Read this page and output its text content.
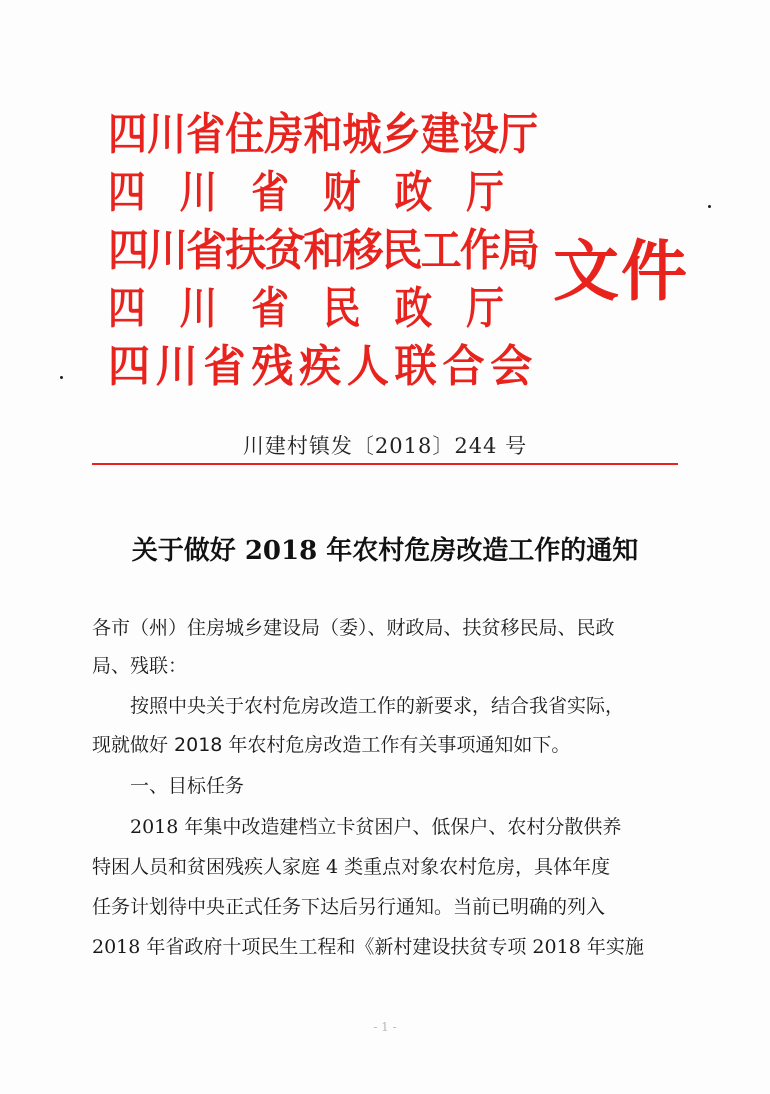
四川省住房和城乡建设厅
四川省财政厅
四川省扶贫和移民工作局
四川省民政厅
四川省残疾人联合会
文件
川建村镇发〔2018〕244 号
关于做好 2018 年农村危房改造工作的通知
各市（州）住房城乡建设局（委）、财政局、扶贫移民局、民政
局、残联：
按照中央关于农村危房改造工作的新要求，结合我省实际，
现就做好 2018 年农村危房改造工作有关事项通知如下。
一、目标任务
2018 年集中改造建档立卡贫困户、低保户、农村分散供养
特困人员和贫困残疾人家庭 4 类重点对象农村危房，具体年度
任务计划待中央正式任务下达后另行通知。当前已明确的列入
2018 年省政府十项民生工程和《新村建设扶贫专项 2018 年实施
- 1 -
